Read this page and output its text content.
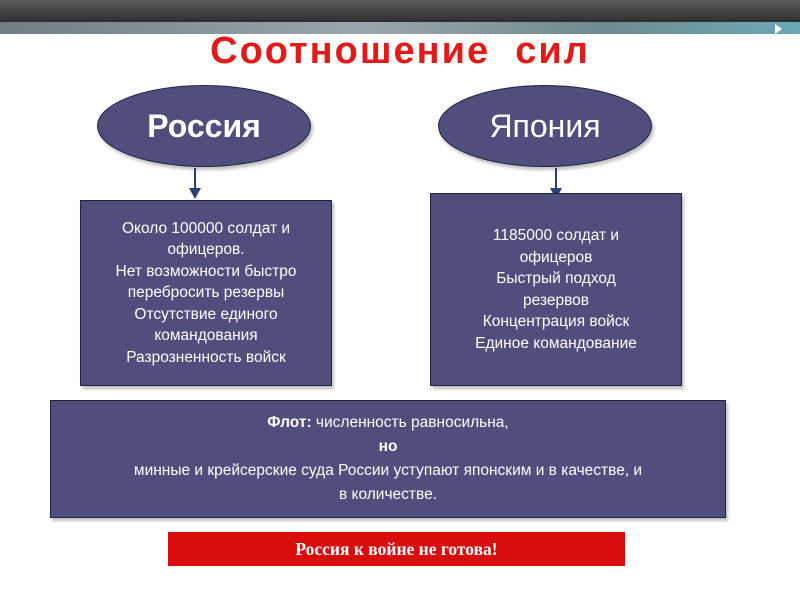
Соотношение  сил
Россия	Япония
Около 100000 солдат и
офицеров.
Нет возможности быстро
перебросить резервы
Отсутствие единого
командования
Разрозненность войск
1185000 солдат и
офицеров
Быстрый подход
резервов
Концентрация войск
Единое командование
Флот: численность равносильна,
но
минные и крейсерские суда России уступают японским и в качестве, и
в количестве.
Россия к войне не готова!
